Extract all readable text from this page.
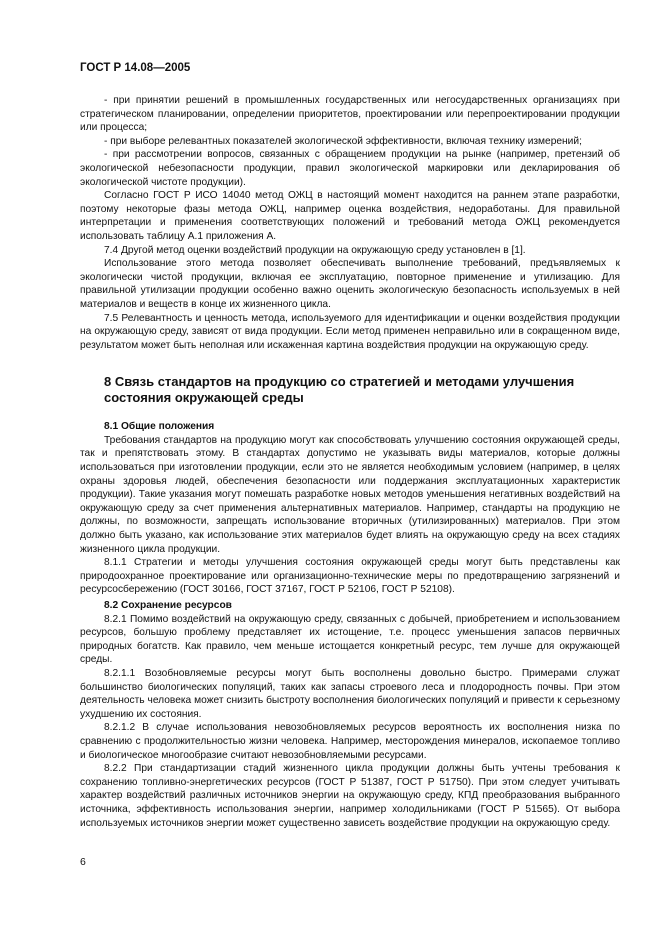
ГОСТ Р 14.08—2005

- при принятии решений в промышленных государственных или негосударственных организациях при стратегическом планировании, определении приоритетов, проектировании или перепроектировании продукции или процесса;

- при выборе релевантных показателей экологической эффективности, включая технику измерений;

- при рассмотрении вопросов, связанных с обращением продукции на рынке (например, претензий об экологической небезопасности продукции, правил экологической маркировки или декларирования об экологической чистоте продукции).

Согласно ГОСТ Р ИСО 14040 метод ОЖЦ в настоящий момент находится на раннем этапе разработки, поэтому некоторые фазы метода ОЖЦ, например оценка воздействия, недоработаны. Для правильной интерпретации и применения соответствующих положений и требований метода ОЖЦ рекомендуется использовать таблицу А.1 приложения А.

7.4 Другой метод оценки воздействий продукции на окружающую среду установлен в [1].

Использование этого метода позволяет обеспечивать выполнение требований, предъявляемых к экологически чистой продукции, включая ее эксплуатацию, повторное применение и утилизацию. Для правильной утилизации продукции особенно важно оценить экологическую безопасность используемых в ней материалов и веществ в конце их жизненного цикла.

7.5 Релевантность и ценность метода, используемого для идентификации и оценки воздействия продукции на окружающую среду, зависят от вида продукции. Если метод применен неправильно или в сокращенном виде, результатом может быть неполная или искаженная картина воздействия продукции на окружающую среду.

8 Связь стандартов на продукцию со стратегией и методами улучшения состояния окружающей среды

8.1 Общие положения

Требования стандартов на продукцию могут как способствовать улучшению состояния окружающей среды, так и препятствовать этому. В стандартах допустимо не указывать виды материалов, которые должны использоваться при изготовлении продукции, если это не является необходимым условием (например, в целях охраны здоровья людей, обеспечения безопасности или поддержания эксплуатационных характеристик продукции). Такие указания могут помешать разработке новых методов уменьшения негативных воздействий на окружающую среду за счет применения альтернативных материалов. Например, стандарты на продукцию не должны, по возможности, запрещать использование вторичных (утилизированных) материалов. При этом должно быть указано, как использование этих материалов будет влиять на окружающую среду на всех стадиях жизненного цикла продукции.

8.1.1 Стратегии и методы улучшения состояния окружающей среды могут быть представлены как природоохранное проектирование или организационно-технические меры по предотвращению загрязнений и ресурсосбережению (ГОСТ 30166, ГОСТ 37167, ГОСТ Р 52106, ГОСТ Р 52108).

8.2 Сохранение ресурсов

8.2.1 Помимо воздействий на окружающую среду, связанных с добычей, приобретением и использованием ресурсов, большую проблему представляет их истощение, т.е. процесс уменьшения запасов первичных природных богатств. Как правило, чем меньше истощается конкретный ресурс, тем лучше для окружающей среды.

8.2.1.1 Возобновляемые ресурсы могут быть восполнены довольно быстро. Примерами служат большинство биологических популяций, таких как запасы строевого леса и плодородность почвы. При этом деятельность человека может снизить быстроту восполнения биологических популяций и привести к серьезному ухудшению их состояния.

8.2.1.2 В случае использования невозобновляемых ресурсов вероятность их восполнения низка по сравнению с продолжительностью жизни человека. Например, месторождения минералов, ископаемое топливо и биологическое многообразие считают невозобновляемыми ресурсами.

8.2.2 При стандартизации стадий жизненного цикла продукции должны быть учтены требования к сохранению топливно-энергетических ресурсов (ГОСТ Р 51387, ГОСТ Р 51750). При этом следует учитывать характер воздействий различных источников энергии на окружающую среду, КПД преобразования выбранного источника, эффективность использования энергии, например холодильниками (ГОСТ Р 51565). От выбора используемых источников энергии может существенно зависеть воздействие продукции на окружающую среду.

6
